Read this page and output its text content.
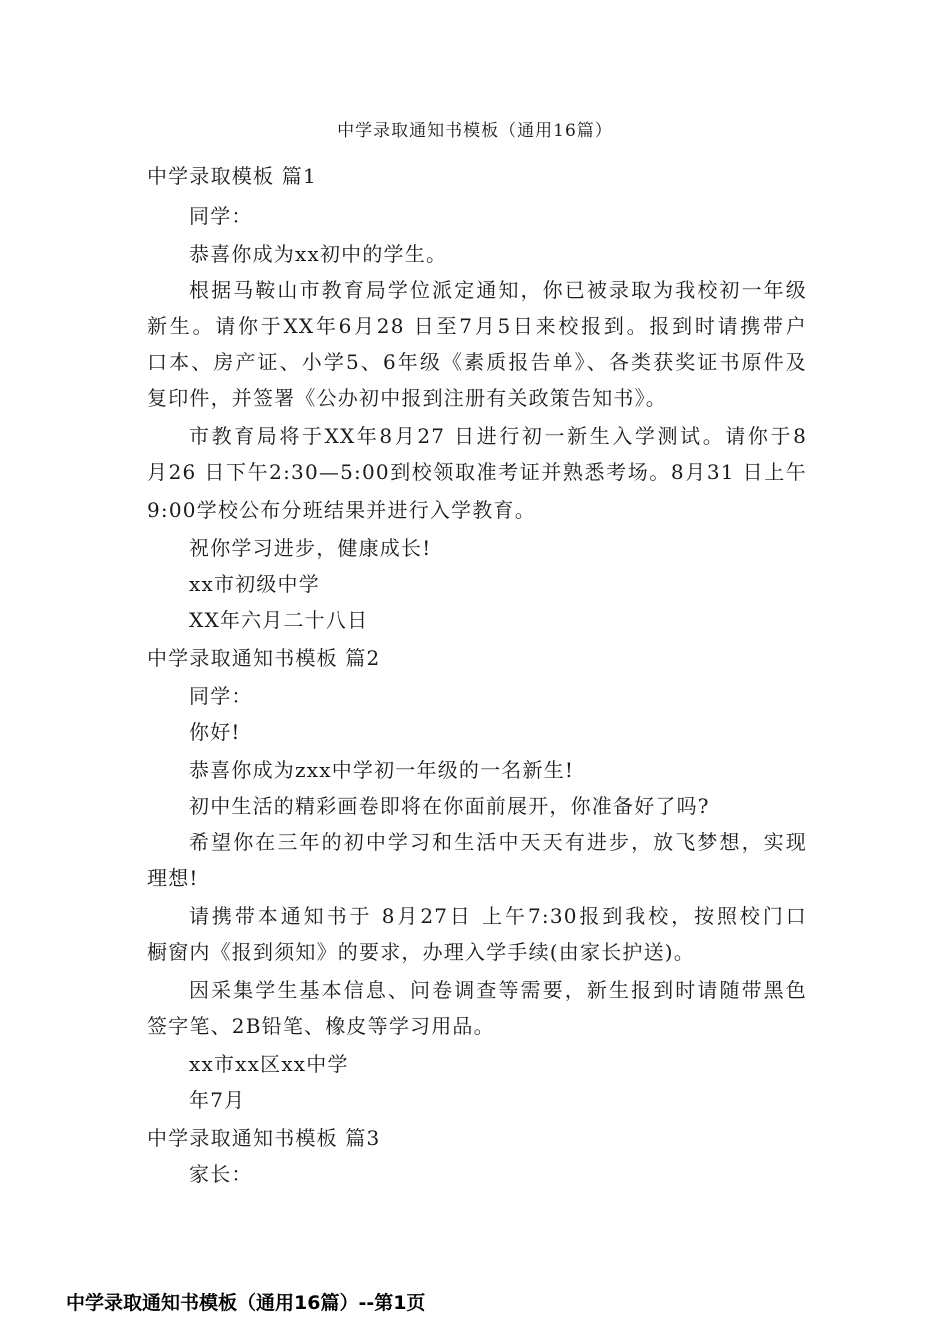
中学录取通知书模板（通用16篇）
中学录取模板 篇1
同学：
恭喜你成为xx初中的学生。
根据马鞍山市教育局学位派定通知，你已被录取为我校初一年级
新生。请你于XX年6月28 日至7月5日来校报到。报到时请携带户
口本、房产证、小学5、6年级《素质报告单》、各类获奖证书原件及
复印件，并签署《公办初中报到注册有关政策告知书》。
市教育局将于XX年8月27 日进行初一新生入学测试。请你于8
月26 日下午2:30—5:00到校领取准考证并熟悉考场。8月31 日上午
9:00学校公布分班结果并进行入学教育。
祝你学习进步，健康成长!
xx市初级中学
XX年六月二十八日
中学录取通知书模板 篇2
同学：
你好!
恭喜你成为zxx中学初一年级的一名新生!
初中生活的精彩画卷即将在你面前展开，你准备好了吗?
希望你在三年的初中学习和生活中天天有进步，放飞梦想，实现
理想!
请携带本通知书于 8月27日 上午7:30报到我校，按照校门口
橱窗内《报到须知》的要求，办理入学手续(由家长护送)。
因采集学生基本信息、问卷调查等需要，新生报到时请随带黑色
签字笔、2B铅笔、橡皮等学习用品。
xx市xx区xx中学
年7月
中学录取通知书模板 篇3
家长：
中学录取通知书模板（通用16篇）--第1页
